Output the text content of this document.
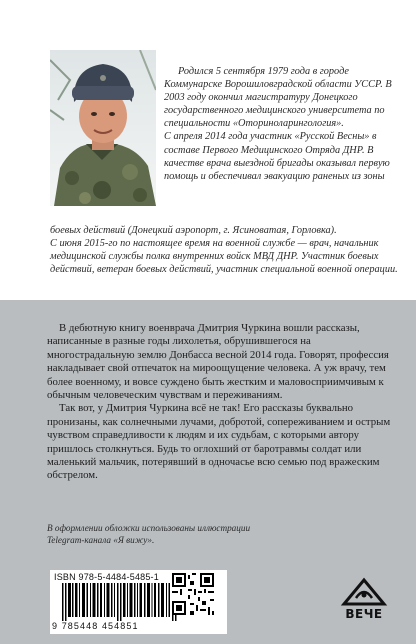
Родился 5 сентября 1979 года в городе Коммунарске Ворошиловградской области УССР. В 2003 году окончил магистратуру Донецкого государственного медицинского университета по специальности «Оториноларингология».
С апреля 2014 года участник «Русской Весны» в составе Первого Медицинского Отряда ДНР. В качестве врача выездной бригады оказывал первую помощь и обеспечивал эвакуацию раненых из зоны
боевых действий (Донецкий аэропорт, г. Ясиноватая, Горловка).
С июня 2015-го по настоящее время на военной службе — врач, начальник медицинской службы полка внутренних войск МВД ДНР. Участник боевых действий, ветеран боевых действий, участник специальной военной операции.

В дебютную книгу военврача Дмитрия Чуркина вошли рассказы, написанные в разные годы лихолетья, обрушившегося на многострадальную землю Донбасса весной 2014 года. Говорят, профессия накладывает свой отпечаток на мироощущение человека. А уж врачу, тем более военному, и вовсе суждено быть жестким и маловосприимчивым к обычным человеческим чувствам и переживаниям.

Так вот, у Дмитрия Чуркина всё не так! Его рассказы буквально пронизаны, как солнечными лучами, добротой, сопереживанием и острым чувством справедливости к людям и их судьбам, с которыми автору пришлось столкнуться. Будь то оглохший от баротравмы солдат или маленький мальчик, потерявший в одночасье всю семью под вражеским обстрелом.

В оформлении обложки использованы иллюстрации Telegram-канала «Я вижу».
ISBN 978-5-4484-5485-1
9 785448 454851
ВЕЧЕ
